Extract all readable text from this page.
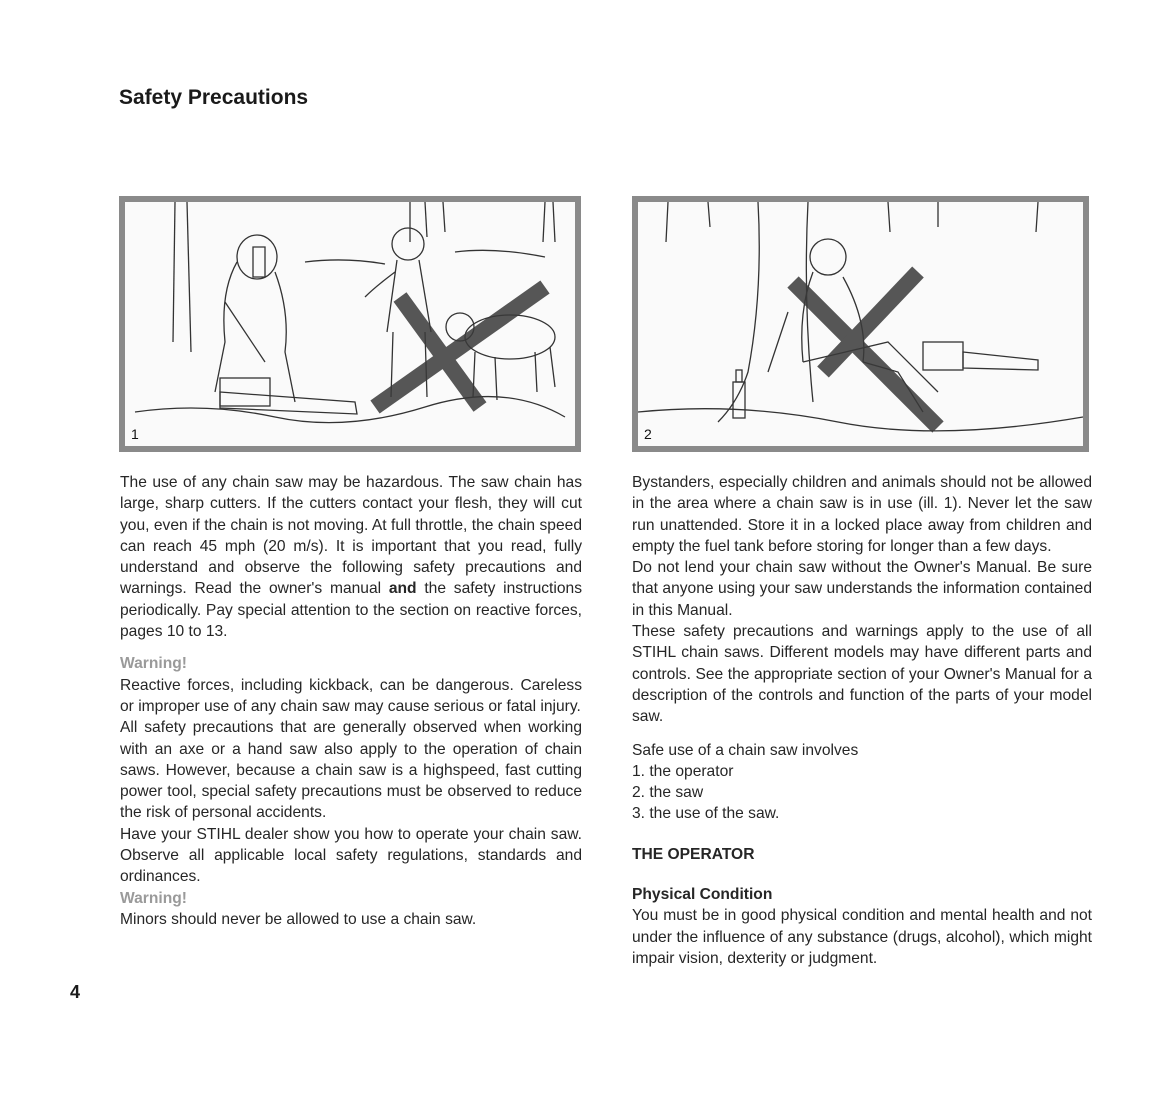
Safety Precautions
1	2

The use of any chain saw may be hazardous. The saw chain has large, sharp cutters. If the cutters contact your flesh, they will cut you, even if the chain is not moving. At full throttle, the chain speed can reach 45 mph (20 m/s). It is important that you read, fully understand and observe the following safety precautions and warnings. Read the owner's manual and the safety instructions periodically. Pay special attention to the section on reactive forces, pages 10 to 13.

Warning!

Reactive forces, including kickback, can be dangerous. Careless or improper use of any chain saw may cause serious or fatal injury.

All safety precautions that are generally observed when working with an axe or a hand saw also apply to the operation of chain saws. However, because a chain saw is a highspeed, fast cutting power tool, special safety precautions must be observed to reduce the risk of personal accidents.

Have your STIHL dealer show you how to operate your chain saw. Observe all applicable local safety regulations, standards and ordinances.

Warning!

Minors should never be allowed to use a chain saw.

Bystanders, especially children and animals should not be allowed in the area where a chain saw is in use (ill. 1). Never let the saw run unattended. Store it in a locked place away from children and empty the fuel tank before storing for longer than a few days.

Do not lend your chain saw without the Owner's Manual. Be sure that anyone using your saw understands the information contained in this Manual.

These safety precautions and warnings apply to the use of all STIHL chain saws. Different models may have different parts and controls. See the appropriate section of your Owner's Manual for a description of the controls and function of the parts of your model saw.

Safe use of a chain saw involves

1. the operator

2. the saw

3. the use of the saw.

THE OPERATOR

Physical Condition

You must be in good physical condition and mental health and not under the influence of any substance (drugs, alcohol), which might impair vision, dexterity or judgment.

4
